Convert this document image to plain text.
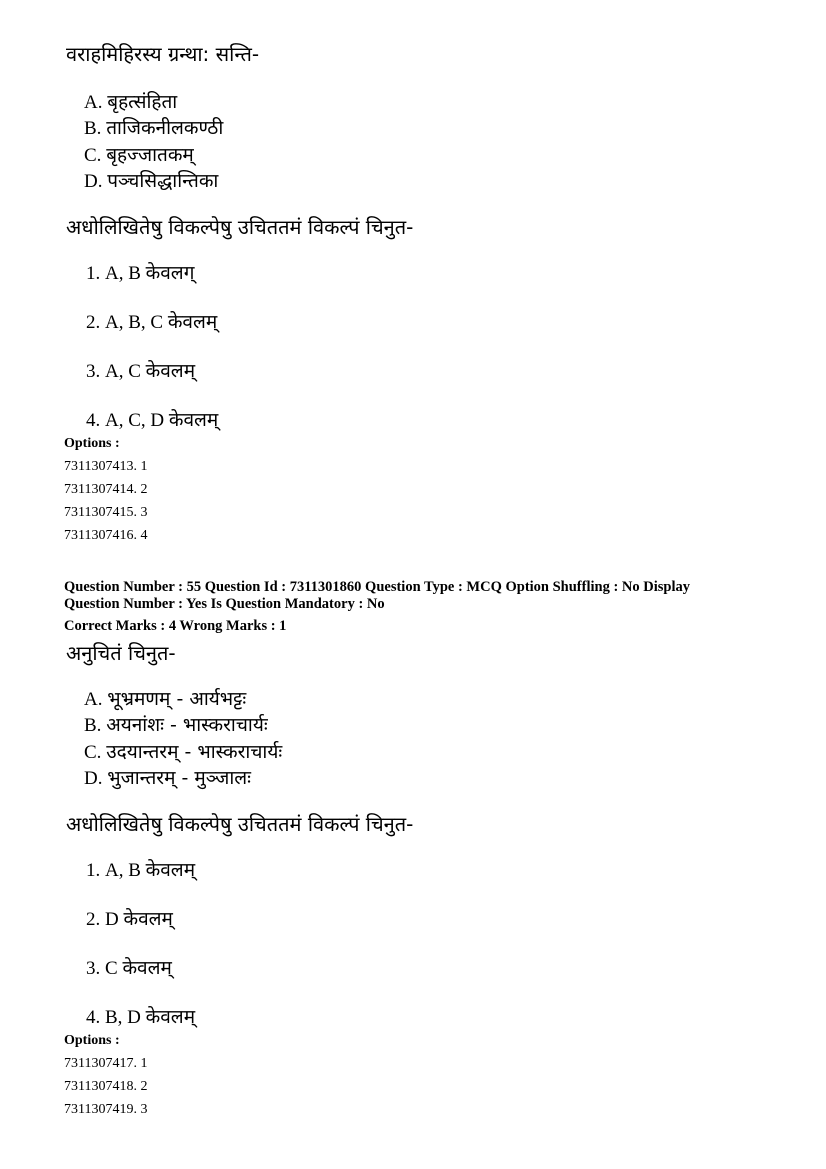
वराहमिहिरस्य ग्रन्था: सन्ति-
A. बृहत्संहिता
B. ताजिकनीलकण्ठी
C. बृहज्जातकम्
D. पञ्चसिद्धान्तिका
अधोलिखितेषु विकल्पेषु उचिततमं विकल्पं चिनुत-
1. A, B केवलग्
2. A, B, C केवलम्
3. A, C केवलम्
4. A, C, D केवलम्
Options :
7311307413. 1
7311307414. 2
7311307415. 3
7311307416. 4
Question Number : 55 Question Id : 7311301860 Question Type : MCQ Option Shuffling : No Display
Question Number : Yes Is Question Mandatory : No
Correct Marks : 4 Wrong Marks : 1
अनुचितं चिनुत-
A. भूभ्रमणम् - आर्यभट्टः
B. अयनांशः - भास्कराचार्यः
C. उदयान्तरम् - भास्कराचार्यः
D. भुजान्तरम् - मुञ्जालः
अधोलिखितेषु विकल्पेषु उचिततमं विकल्पं चिनुत-
1. A, B केवलम्
2. D केवलम्
3. C केवलम्
4. B, D केवलम्
Options :
7311307417. 1
7311307418. 2
7311307419. 3
